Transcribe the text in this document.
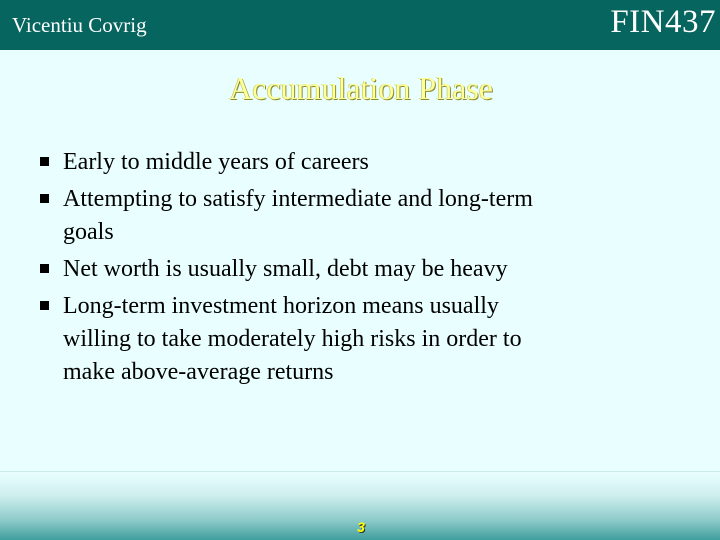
Vicentiu Covrig	FIN437
Accumulation Phase
Early to middle years of careers
Attempting to satisfy intermediate and long-term
goals
Net worth is usually small, debt may be heavy
Long-term investment horizon means usually
willing to take moderately high risks in order to
make above-average returns
3
